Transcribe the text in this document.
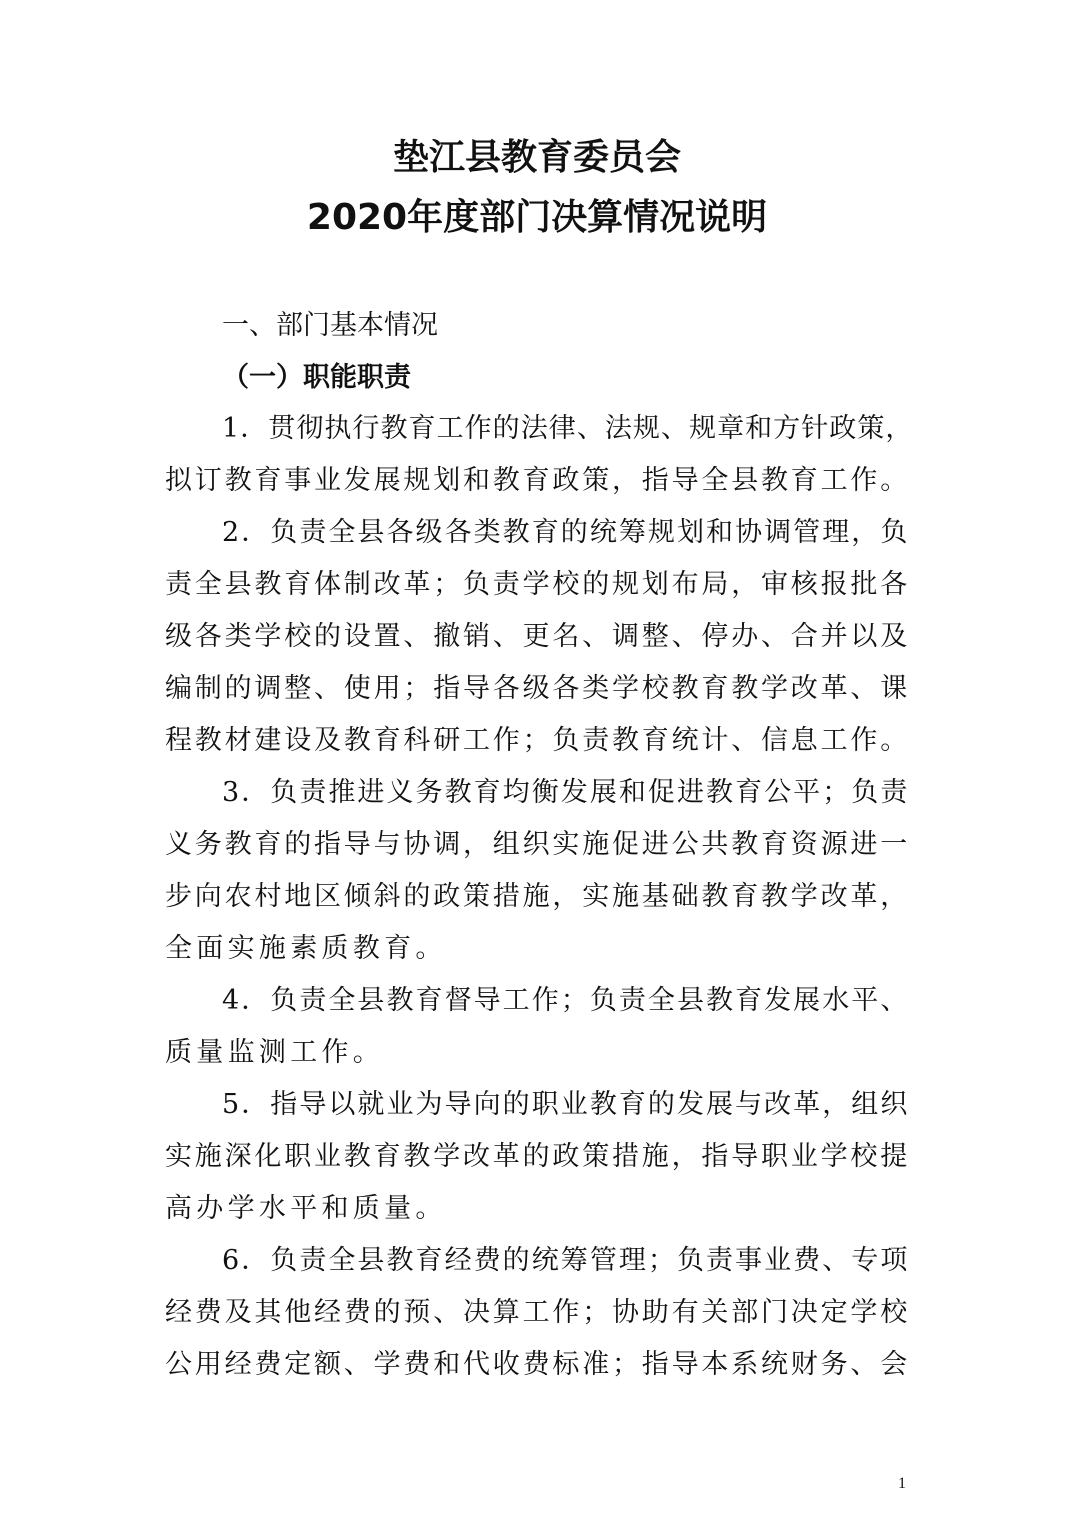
垫江县教育委员会
2020年度部门决算情况说明
一、部门基本情况
（一）职能职责
1．贯彻执行教育工作的法律、法规、规章和方针政策，
拟订教育事业发展规划和教育政策，指导全县教育工作。
2．负责全县各级各类教育的统筹规划和协调管理，负
责全县教育体制改革；负责学校的规划布局，审核报批各
级各类学校的设置、撤销、更名、调整、停办、合并以及
编制的调整、使用；指导各级各类学校教育教学改革、课
程教材建设及教育科研工作；负责教育统计、信息工作。
3．负责推进义务教育均衡发展和促进教育公平；负责
义务教育的指导与协调，组织实施促进公共教育资源进一
步向农村地区倾斜的政策措施，实施基础教育教学改革，
全面实施素质教育。
4．负责全县教育督导工作；负责全县教育发展水平、
质量监测工作。
5．指导以就业为导向的职业教育的发展与改革，组织
实施深化职业教育教学改革的政策措施，指导职业学校提
高办学水平和质量。
6．负责全县教育经费的统筹管理；负责事业费、专项
经费及其他经费的预、决算工作；协助有关部门决定学校
公用经费定额、学费和代收费标准；指导本系统财务、会
1
